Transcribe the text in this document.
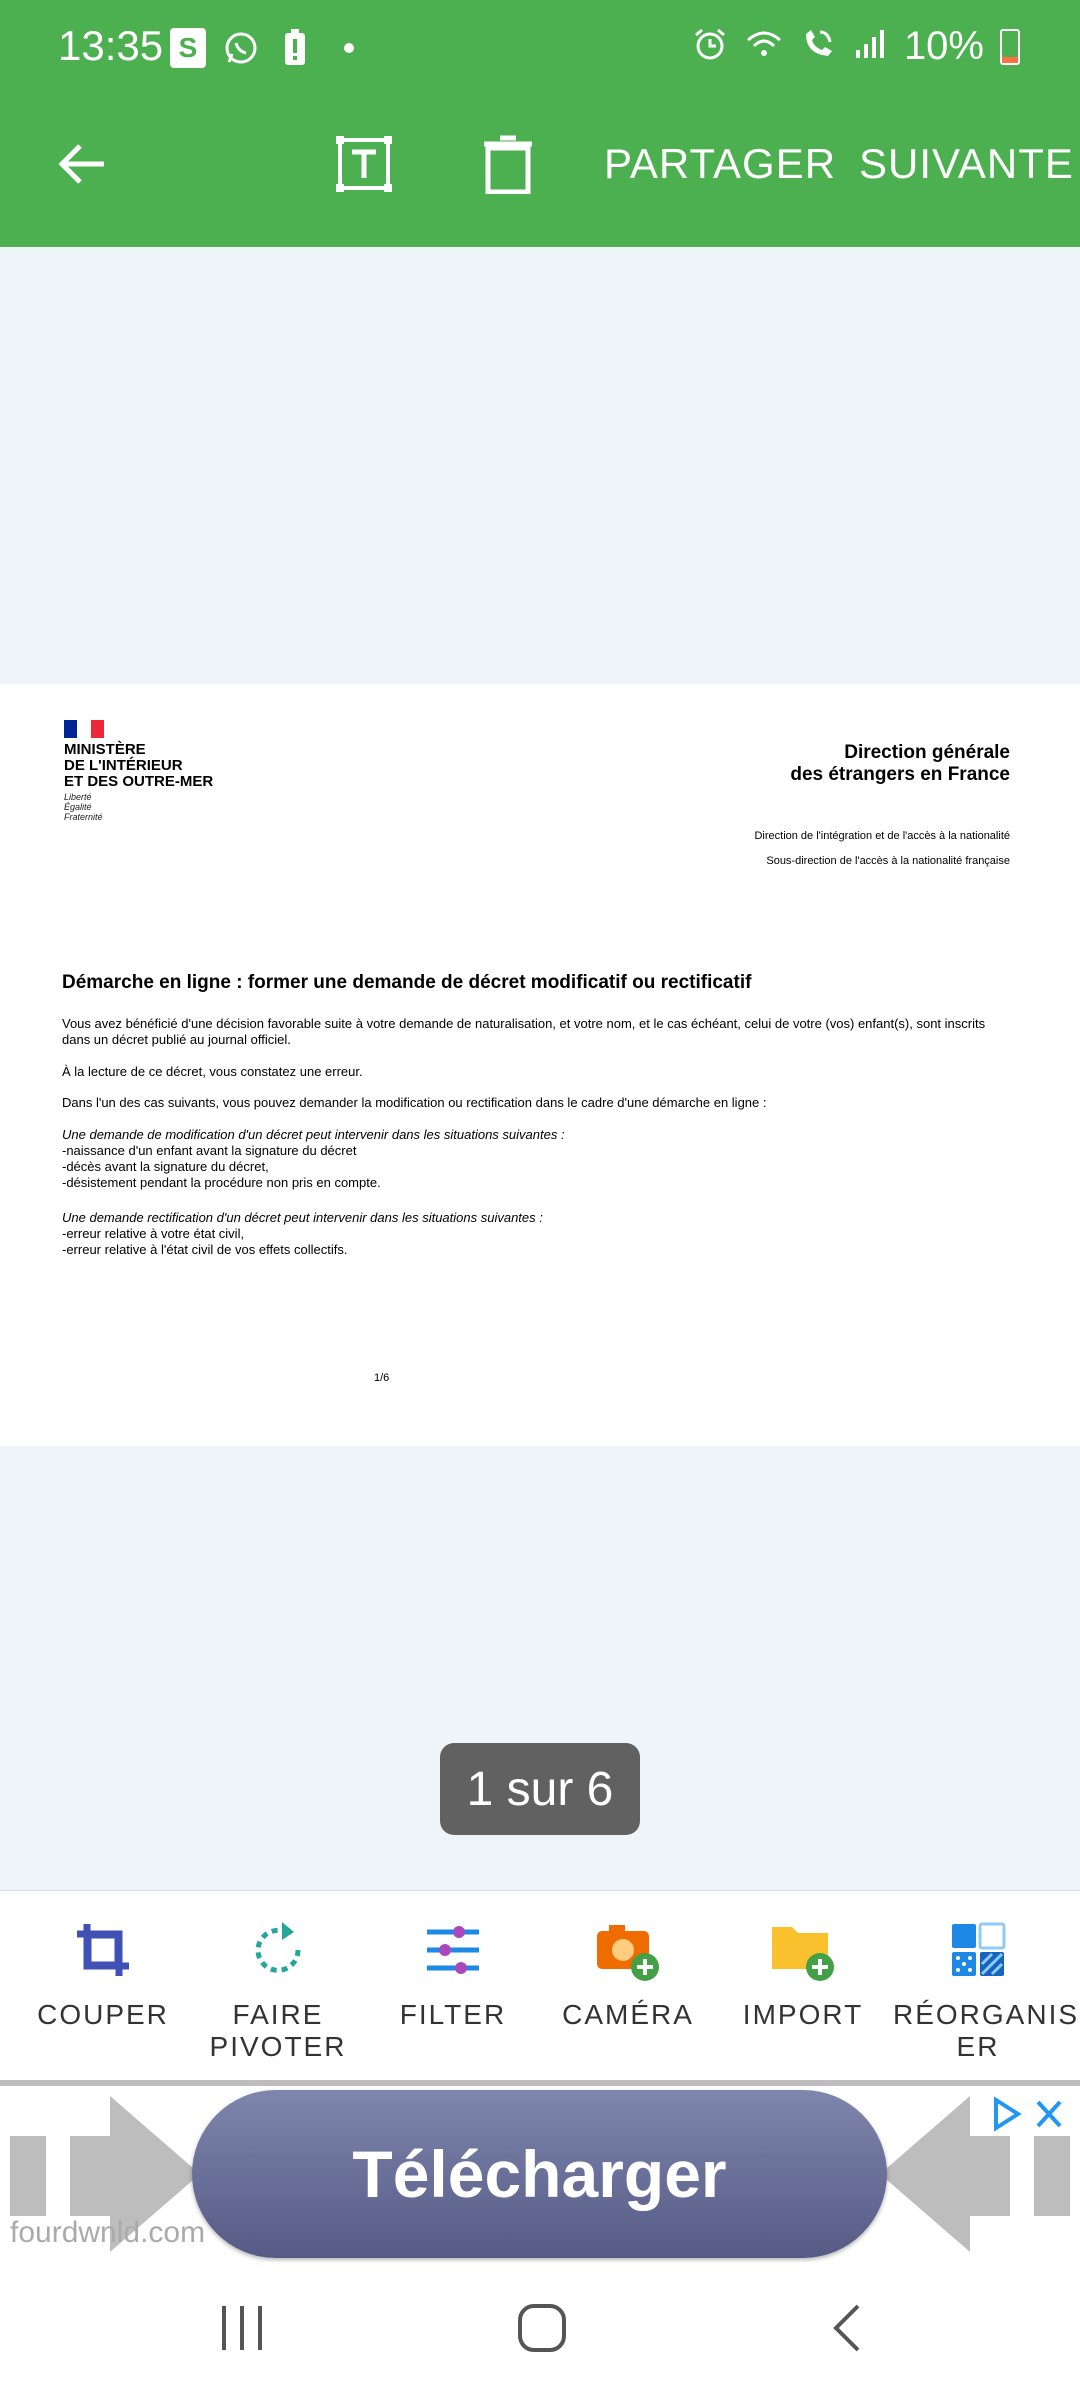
13:35 S	10%
PARTAGER SUIVANTE
MINISTÈRE
DE L'INTÉRIEUR
ET DES OUTRE-MER
Liberté
Égalité
Fraternité
Direction générale
des étrangers en France
Direction de l'intégration et de l'accès à la nationalité
Sous-direction de l'accès à la nationalité française
Démarche en ligne : former une demande de décret modificatif ou rectificatif
Vous avez bénéficié d'une décision favorable suite à votre demande de naturalisation, et votre nom, et le cas échéant, celui de votre (vos) enfant(s), sont inscrits dans un décret publié au journal officiel.
À la lecture de ce décret, vous constatez une erreur.
Dans l'un des cas suivants, vous pouvez demander la modification ou rectification dans le cadre d'une démarche en ligne :
Une demande de modification d'un décret peut intervenir dans les situations suivantes :
-naissance d'un enfant avant la signature du décret
-décès avant la signature du décret,
-désistement pendant la procédure non pris en compte.
Une demande rectification d'un décret peut intervenir dans les situations suivantes :
-erreur relative à votre état civil,
-erreur relative à l'état civil de vos effets collectifs.
1/6
1 sur 6
COUPER	FAIRE PIVOTER
FILTER	CAMÉRA	IMPORT	RÉORGANIS ER
Télécharger
fourdwnld.com
